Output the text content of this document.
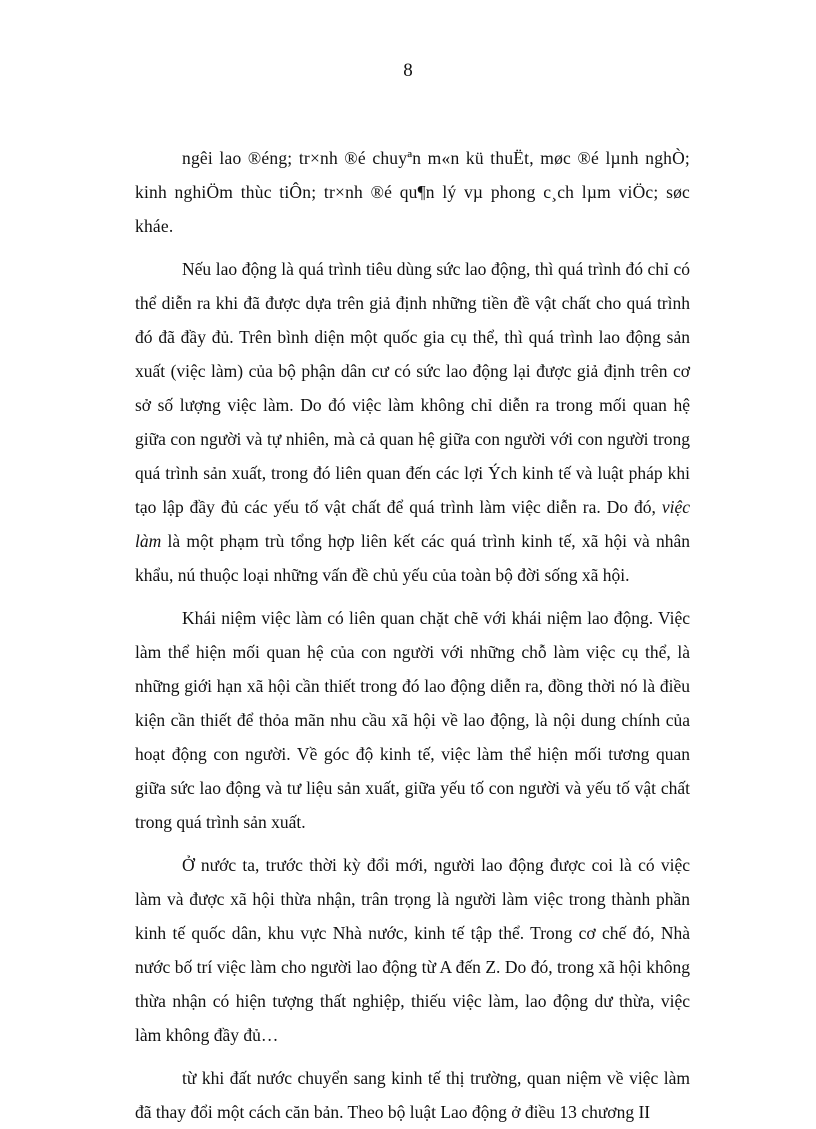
8

ngêi lao ®éng; tr×nh ®é chuyªn m«n kü thuËt, møc ®é lµnh nghÒ; kinh nghiÖm thùc tiÔn; tr×nh ®é qu¶n lý vµ phong c¸ch lµm viÖc; søc kháe.

Nếu lao động là quá trình tiêu dùng sức lao động, thì quá trình đó chỉ có thể diễn ra khi đã được dựa trên giả định những tiền đề vật chất cho quá trình đó đã đầy đủ. Trên bình diện một quốc gia cụ thể, thì quá trình lao động sản xuất (việc làm) của bộ phận dân cư có sức lao động lại được giả định trên cơ sở số lượng việc làm. Do đó việc làm không chỉ diễn ra trong mối quan hệ giữa con người và tự nhiên, mà cả quan hệ giữa con người với con người trong quá trình sản xuất, trong đó liên quan đến các lợi Ých kinh tế và luật pháp khi tạo lập đầy đủ các yếu tố vật chất để quá trình làm việc diễn ra. Do đó, việc làm là một phạm trù tổng hợp liên kết các quá trình kinh tế, xã hội và nhân khẩu, nú thuộc loại những vấn đề chủ yếu của toàn bộ đời sống xã hội.

Khái niệm việc làm có liên quan chặt chẽ với khái niệm lao động. Việc làm thể hiện mối quan hệ của con người với những chỗ làm việc cụ thể, là những giới hạn xã hội cần thiết trong đó lao động diễn ra, đồng thời nó là điều kiện cần thiết để thỏa mãn nhu cầu xã hội về lao động, là nội dung chính của hoạt động con người. Về góc độ kinh tế, việc làm thể hiện mối tương quan giữa sức lao động và tư liệu sản xuất, giữa yếu tố con người và yếu tố vật chất trong quá trình sản xuất.

Ở nước ta, trước thời kỳ đổi mới, người lao động được coi là có việc làm và được xã hội thừa nhận, trân trọng là người làm việc trong thành phần kinh tế quốc dân, khu vực Nhà nước, kinh tế tập thể. Trong cơ chế đó, Nhà nước bố trí việc làm cho người lao động từ A đến Z. Do đó, trong xã hội không thừa nhận có hiện tượng thất nghiệp, thiếu việc làm, lao động dư thừa, việc làm không đầy đủ…

từ khi đất nước chuyển sang kinh tế thị trường, quan niệm về việc làm đã thay đổi một cách căn bản. Theo bộ luật Lao động ở điều 13 chương II
